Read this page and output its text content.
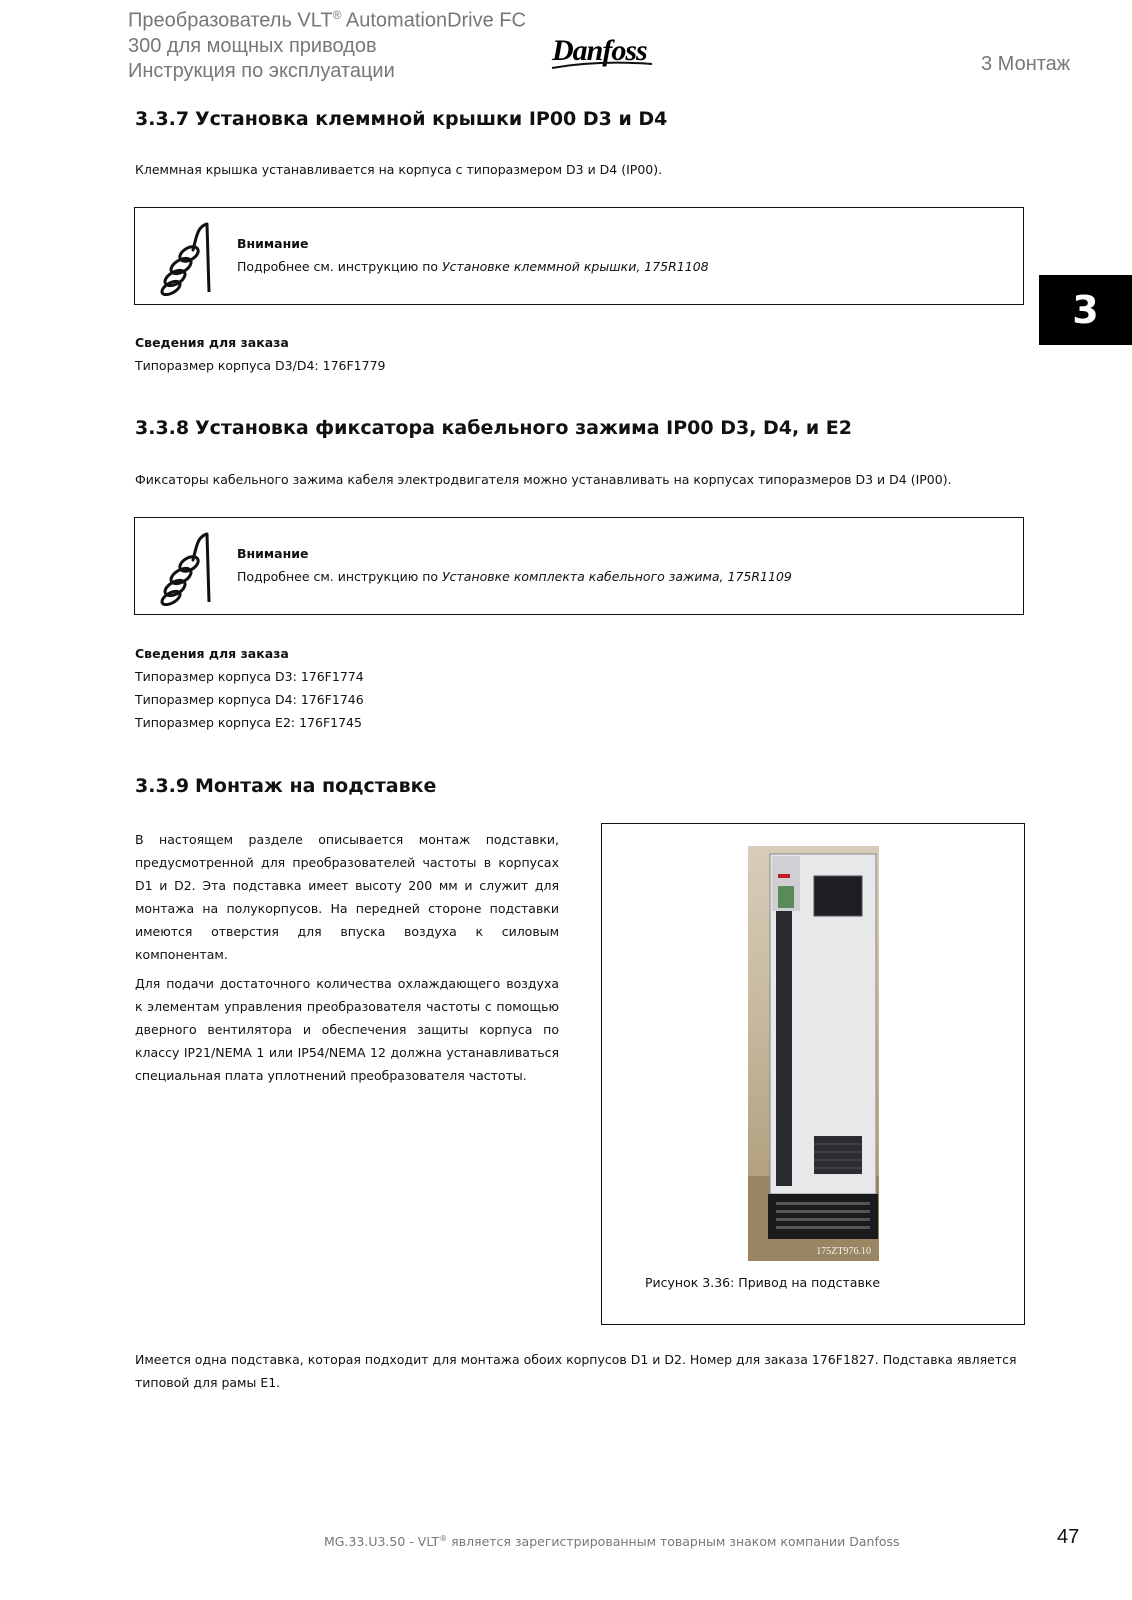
Преобразователь VLT® AutomationDrive FC
300 для мощных приводов
Инструкция по эксплуатации
Danfoss	3 Монтаж
3
3.3.7 Установка клеммной крышки IP00 D3 и D4
Клеммная крышка устанавливается на корпуса с типоразмером D3 и D4 (IP00).
Внимание
Подробнее см. инструкцию по Установке клеммной крышки, 175R1108
Сведения для заказа
Типоразмер корпуса D3/D4: 176F1779
3.3.8 Установка фиксатора кабельного зажима IP00 D3, D4, и E2
Фиксаторы кабельного зажима кабеля электродвигателя можно устанавливать на корпусах типоразмеров D3 и D4 (IP00).
Внимание
Подробнее см. инструкцию по Установке комплекта кабельного зажима, 175R1109
Сведения для заказа
Типоразмер корпуса D3: 176F1774
Типоразмер корпуса D4: 176F1746
Типоразмер корпуса E2: 176F1745
3.3.9 Монтаж на подставке
В настоящем разделе описывается монтаж подставки, предусмотренной для преобразователей частоты в корпусах D1 и D2. Эта подставка имеет высоту 200 мм и служит для монтажа на полукорпусов. На передней стороне подставки имеются отверстия для впуска воздуха к силовым компонентам.
Для подачи достаточного количества охлаждающего воздуха к элементам управления преобразователя частоты с помощью дверного вентилятора и обеспечения защиты корпуса по классу IP21/NEMA 1 или IP54/NEMA 12 должна устанавливаться специальная плата уплотнений преобразователя частоты.
175ZT976.10
Рисунок 3.36: Привод на подставке
Имеется одна подставка, которая подходит для монтажа обоих корпусов D1 и D2. Номер для заказа 176F1827. Подставка является типовой для рамы E1.
MG.33.U3.50 - VLT® является зарегистрированным товарным знаком компании Danfoss	47
